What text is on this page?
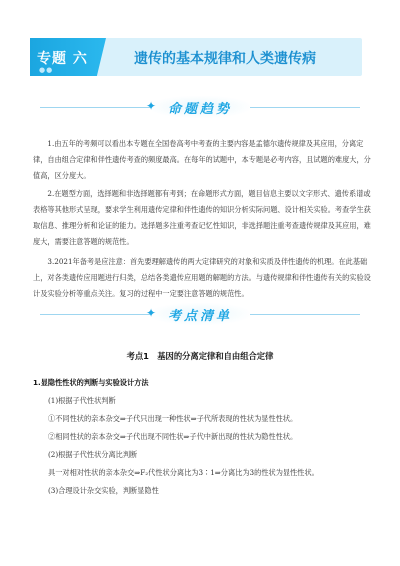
专题 六
●●
遗传的基本规律和人类遗传病
✦ 命题趋势
1.由五年的考频可以看出本专题在全国卷高考中考查的主要内容是孟德尔遗传规律及其应用，分离定律，自由组合定律和伴性遗传考查的频度最高。在每年的试题中，本专题是必考内容，且试题的难度大，分值高，区分度大。
2.在题型方面，选择题和非选择题都有考到；在命题形式方面，题目信息主要以文字形式、遗传系谱或表格等其他形式呈现，要求学生利用遗传定律和伴性遗传的知识分析实际问题、设计相关实验。考查学生获取信息、推理分析和论证的能力。选择题多注重考查记忆性知识，非选择题注重考查遗传规律及其应用，难度大，需要注意答题的规范性。
3.2021年备考是应注意：首先要理解遗传的两大定律研究的对象和实质及伴性遗传的机理。在此基础上，对各类遗传应用题进行归类，总结各类遗传应用题的解题的方法。与遗传规律和伴性遗传有关的实验设计及实验分析等重点关注。复习的过程中一定要注意答题的规范性。
✦ 考点清单
考点1　基因的分离定律和自由组合定律
1.显隐性性状的判断与实验设计方法
(1)根据子代性状判断
①不同性状的亲本杂交⇒子代只出现一种性状⇒子代所表现的性状为显性性状。
②相同性状的亲本杂交⇒子代出现不同性状⇒子代中新出现的性状为隐性性状。
(2)根据子代性状分离比判断
具一对相对性状的亲本杂交⇒F₂代性状分离比为3∶1⇒分离比为3的性状为显性性状。
(3)合理设计杂交实验，判断显隐性
